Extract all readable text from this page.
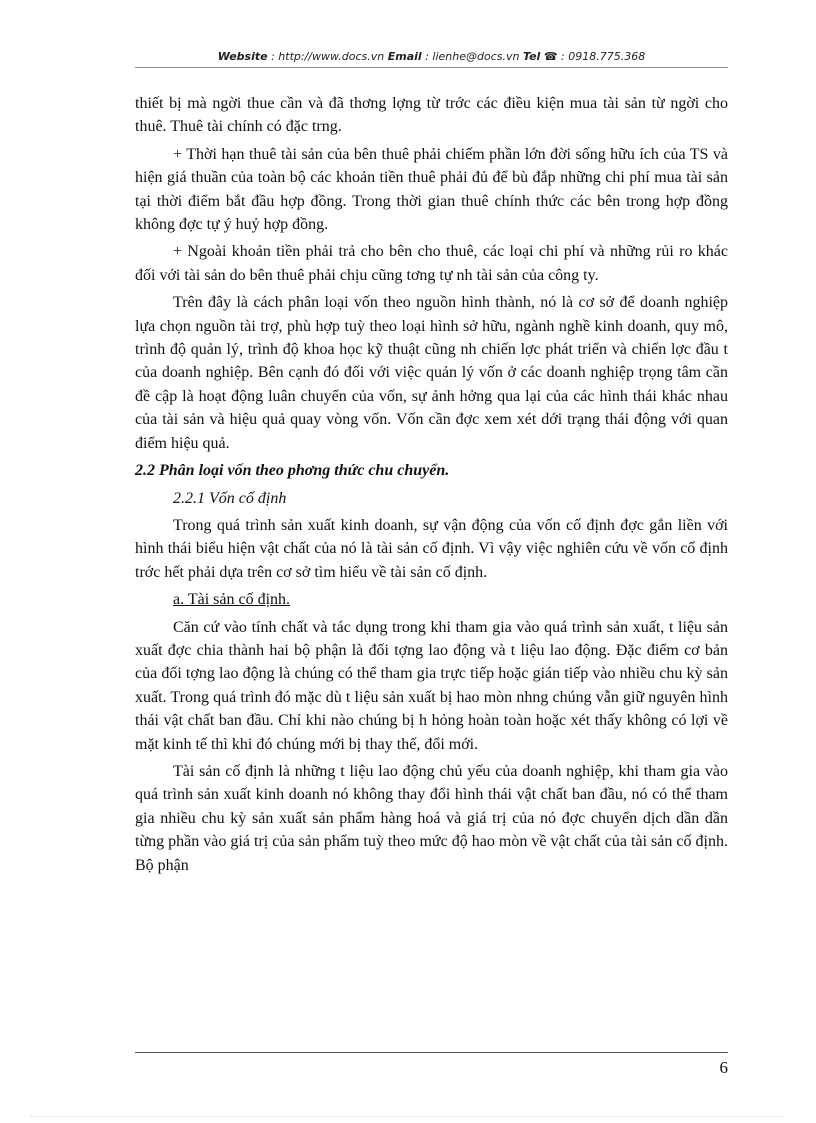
Website : http://www.docs.vn Email : lienhe@docs.vn Tel ☎ : 0918.775.368

thiết bị mà ngời thue cần và đã thơng lợng từ trớc các điều kiện mua tài sản từ ngời cho thuê. Thuê tài chính có đặc trng.

+ Thời hạn thuê tài sản của bên thuê phải chiếm phần lớn đời sống hữu ích của TS và hiện giá thuần của toàn bộ các khoản tiền thuê phải đủ để bù đắp những chi phí mua tài sản tại thời điểm bắt đầu hợp đồng. Trong thời gian thuê chính thức các bên trong hợp đồng không đợc tự ý huỷ hợp đồng.

+ Ngoài khoản tiền phải trả cho bên cho thuê, các loại chi phí và những rủi ro khác đối với tài sản do bên thuê phải chịu cũng tơng tự nh tài sản của công ty.

Trên đây là cách phân loại vốn theo nguồn hình thành, nó là cơ sở để doanh nghiệp lựa chọn nguồn tài trợ, phù hợp tuỳ theo loại hình sở hữu, ngành nghề kinh doanh, quy mô, trình độ quản lý, trình độ khoa học kỹ thuật cũng nh chiến lợc phát triển và chiến lợc đầu t của doanh nghiệp. Bên cạnh đó đối với việc quản lý vốn ở các doanh nghiệp trọng tâm cần đề cập là hoạt động luân chuyển của vốn, sự ảnh hởng qua lại của các hình thái khác nhau của tài sản và hiệu quả quay vòng vốn. Vốn cần đợc xem xét dới trạng thái động với quan điểm hiệu quả.

2.2 Phân loại vốn theo phơng thức chu chuyển.

2.2.1 Vốn cố định

Trong quá trình sản xuất kinh doanh, sự vận động của vốn cố định đợc gắn liền với hình thái biểu hiện vật chất của nó là tài sản cố định. Vì vậy việc nghiên cứu về vốn cố định trớc hết phải dựa trên cơ sở tìm hiểu về tài sản cố định.

a. Tài sản cố định.

Căn cứ vào tính chất và tác dụng trong khi tham gia vào quá trình sản xuất, t liệu sản xuất đợc chia thành hai bộ phận là đối tợng lao động và t liệu lao động. Đặc điểm cơ bản của đối tợng lao động là chúng có thể tham gia trực tiếp hoặc gián tiếp vào nhiều chu kỳ sản xuất. Trong quá trình đó mặc dù t liệu sản xuất bị hao mòn nhng chúng vẫn giữ nguyên hình thái vật chất ban đầu. Chỉ khi nào chúng bị h hỏng hoàn toàn hoặc xét thấy không có lợi về mặt kinh tế thì khi đó chúng mới bị thay thế, đổi mới.

Tài sản cố định là những t liệu lao động chủ yếu của doanh nghiệp, khi tham gia vào quá trình sản xuất kinh doanh nó không thay đổi hình thái vật chất ban đầu, nó có thể tham gia nhiều chu kỳ sản xuất sản phẩm hàng hoá và giá trị của nó đợc chuyển dịch dần dần từng phần vào giá trị của sản phẩm tuỳ theo mức độ hao mòn về vật chất của tài sản cố định. Bộ phận

6
